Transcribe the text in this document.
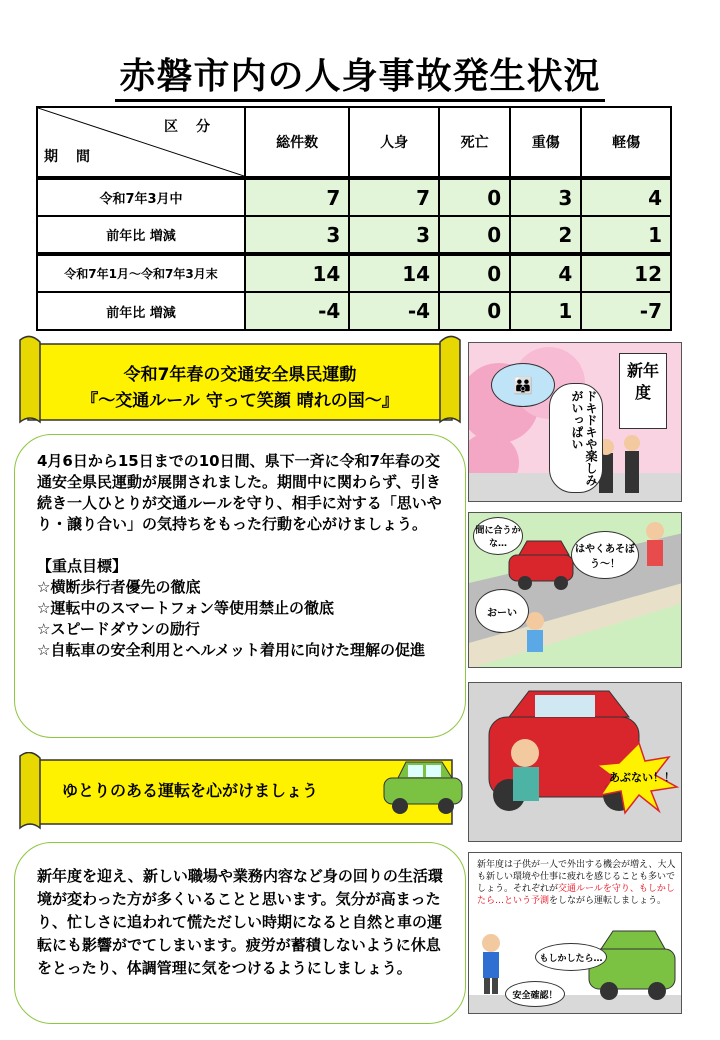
赤磐市内の人身事故発生状況
区分
期間	総件数	人身	死亡	重傷	軽傷
令和7年3月中	7	7	0	3	4
前年比 増減	3	3	0	2	1
令和7年1月～令和7年3月末	14	14	0	4	12
前年比 増減	-4	-4	0	1	-7
令和7年春の交通安全県民運動
『～交通ルール 守って笑顔 晴れの国～』
4月6日から15日までの10日間、県下一斉に令和7年春の交通安全県民運動が展開されました。期間中に関わらず、引き続き一人ひとりが交通ルールを守り、相手に対する「思いやり・譲り合い」の気持ちをもった行動を心がけましょう。
【重点目標】
☆横断歩行者優先の徹底
☆運転中のスマートフォン等使用禁止の徹底
☆スピードダウンの励行
☆自転車の安全利用とヘルメット着用に向けた理解の促進
ゆとりのある運転を心がけましょう
新年度を迎え、新しい職場や業務内容など身の回りの生活環境が変わった方が多くいることと思います。気分が高まったり、忙しさに追われて慌ただしい時期になると自然と車の運転にも影響がでてしまいます。疲労が蓄積しないように休息をとったり、体調管理に気をつけるようにしましょう。
👪
新年度
ドキドキや楽しみがいっぱい
間に合うかな…	はやくあそぼう～！
おーい
あぶない！！
新年度は子供が一人で外出する機会が増え、大人も新しい環境や仕事に疲れを感じることも多いでしょう。それぞれが交通ルールを守り、もしかしたら…という予測をしながら運転しましょう。
もしかしたら…
安全確認！
